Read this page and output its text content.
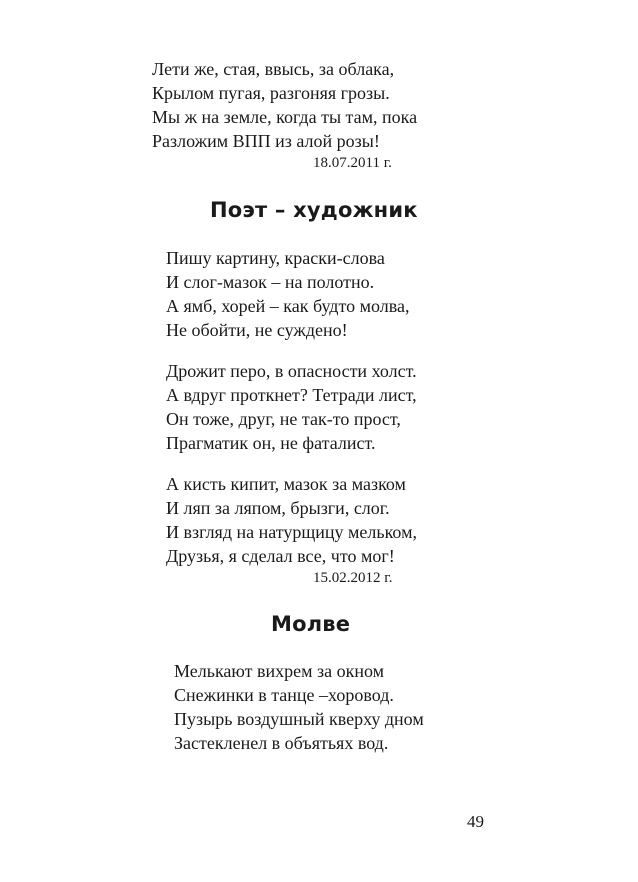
Лети же, стая, ввысь, за облака,
Крылом пугая, разгоняя грозы.
Мы ж на земле, когда ты там, пока
Разложим ВПП из алой розы!
18.07.2011 г.
Поэт – художник
Пишу картину, краски-слова
И слог-мазок – на полотно.
А ямб, хорей – как будто молва,
Не обойти, не суждено!
Дрожит перо, в опасности холст.
А вдруг проткнет? Тетради лист,
Он тоже, друг, не так-то прост,
Прагматик он, не фаталист.
А кисть кипит, мазок за мазком
И ляп за ляпом, брызги, слог.
И взгляд на натурщицу мельком,
Друзья, я сделал все, что мог!
15.02.2012 г.
Молве
Мелькают вихрем за окном
Снежинки в танце –хоровод.
Пузырь воздушный кверху дном
Застекленел в объятьях вод.
49
